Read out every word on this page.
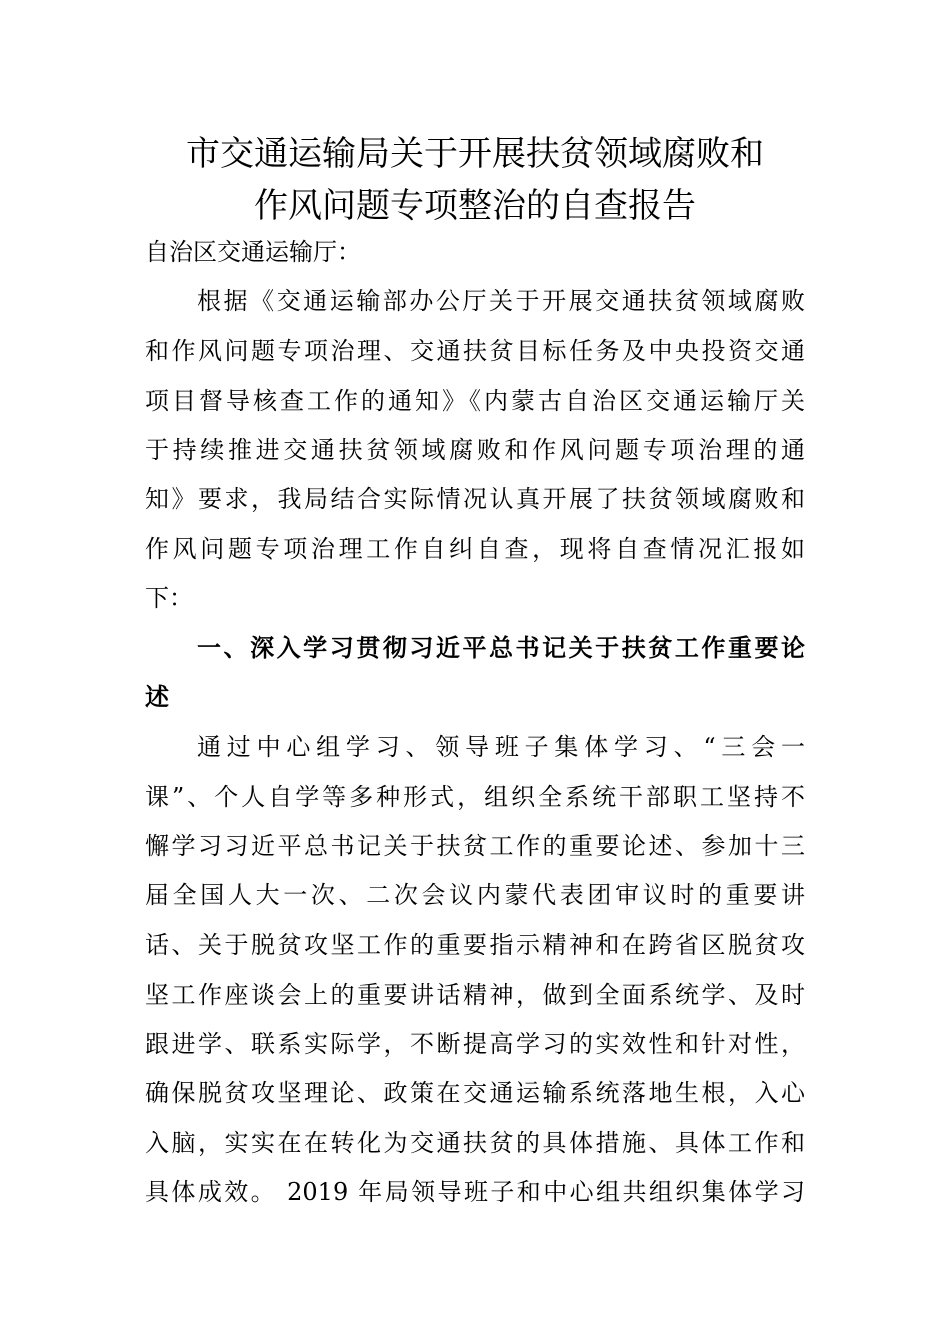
市交通运输局关于开展扶贫领域腐败和
作风问题专项整治的自查报告
自治区交通运输厅：
根据《交通运输部办公厅关于开展交通扶贫领域腐败
和作风问题专项治理、交通扶贫目标任务及中央投资交通
项目督导核查工作的通知》《内蒙古自治区交通运输厅关
于持续推进交通扶贫领域腐败和作风问题专项治理的通
知》要求，我局结合实际情况认真开展了扶贫领域腐败和
作风问题专项治理工作自纠自查，现将自查情况汇报如
下：
一、深入学习贯彻习近平总书记关于扶贫工作重要论
述
通过中心组学习、领导班子集体学习、“三会一
课”、个人自学等多种形式，组织全系统干部职工坚持不
懈学习习近平总书记关于扶贫工作的重要论述、参加十三
届全国人大一次、二次会议内蒙代表团审议时的重要讲
话、关于脱贫攻坚工作的重要指示精神和在跨省区脱贫攻
坚工作座谈会上的重要讲话精神，做到全面系统学、及时
跟进学、联系实际学，不断提高学习的实效性和针对性，
确保脱贫攻坚理论、政策在交通运输系统落地生根，入心
入脑，实实在在转化为交通扶贫的具体措施、具体工作和
具体成效。 2019 年局领导班子和中心组共组织集体学习
